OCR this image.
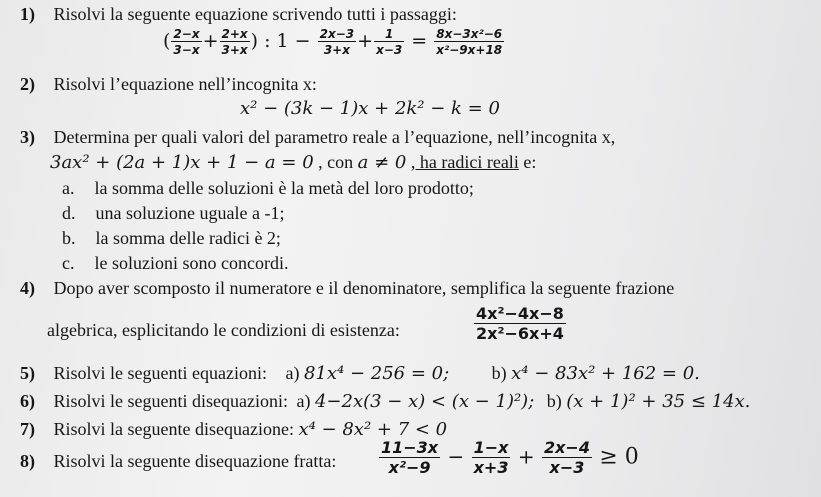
1) Risolvi la seguente equazione scrivendo tutti i passaggi:
( $\frac{2-x}{3-x} + \frac{2+x}{3+x}$ ) : $1 - \frac{2x-3}{3+x} + \frac{1}{x-3} = \frac{\text{8x−3x²−6}}{\text{x²−9x+18}}$
2) Risolvi l’equazione nell’incognita x:
x² − (3k − 1)x + 2k² − k = 0
3) Determina per quali valori del parametro reale a l’equazione, nell’incognita x,
3ax² + (2a + 1)x + 1 − a = 0 , con a ≠ 0 , ha radici reali e:
a. la somma delle soluzioni è la metà del loro prodotto;
d. una soluzione uguale a -1;
b. la somma delle radici è 2;
c. le soluzioni sono concordi.
4) Dopo aver scomposto il numeratore e il denominatore, semplifica la seguente frazione
algebrica, esplicitando le condizioni di esistenza:	$\frac{\text{4x²−4x−8}}{\text{2x²−6x+4}}$
5) Risolvi le seguenti equazioni: a) 81x⁴ − 256 = 0; b) x⁴ − 83x² + 162 = 0.
6) Risolvi le seguenti disequazioni: a) 4−2x(3 − x) < (x − 1)²); b) (x + 1)² + 35 ≤ 14x.
7) Risolvi la seguente disequazione: x⁴ − 8x² + 7 < 0
8) Risolvi la seguente disequazione fratta:	$\frac{11-3x}{\text{x²−9}} - \frac{1-x}{x+3} + \frac{2x-4}{x-3} \ge 0$
